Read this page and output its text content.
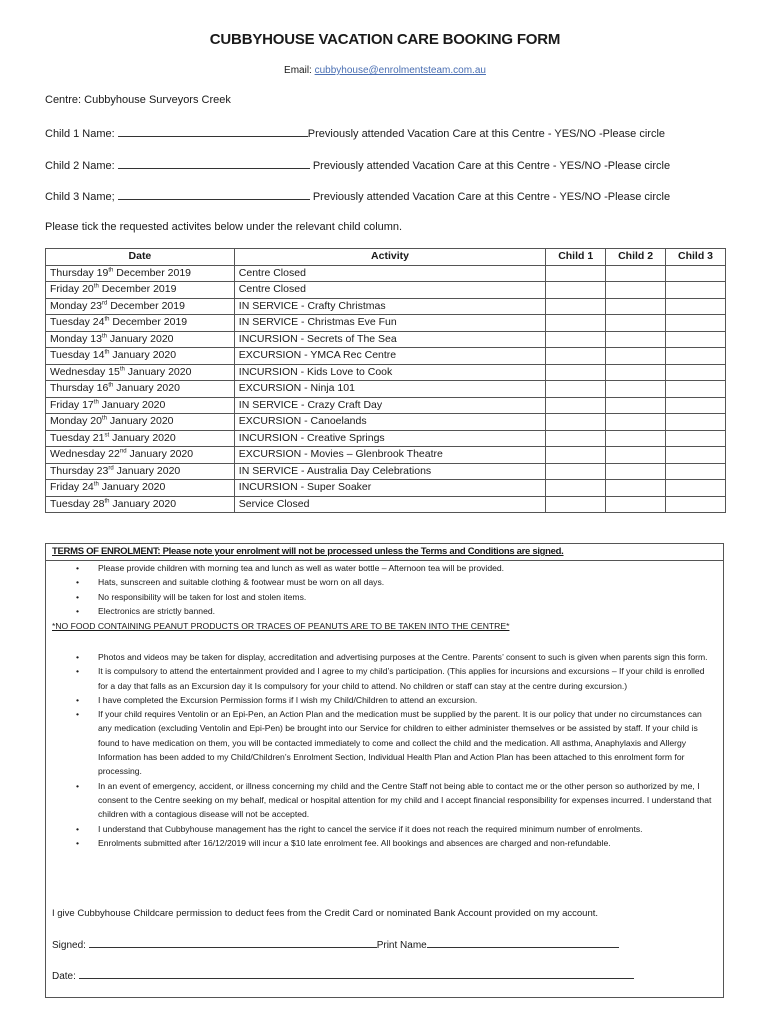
CUBBYHOUSE VACATION CARE BOOKING FORM
Email: cubbyhouse@enrolmentsteam.com.au
Centre: Cubbyhouse Surveyors Creek
Child 1 Name:	Previously attended Vacation Care at this Centre - YES/NO -Please circle
Child 2 Name:	Previously attended Vacation Care at this Centre - YES/NO -Please circle
Child 3 Name;	Previously attended Vacation Care at this Centre - YES/NO -Please circle
Please tick the requested activites below under the relevant child column.
Date	Activity	Child 1	Child 2	Child 3
Thursday 19th December 2019	Centre Closed			
Friday 20th December 2019	Centre Closed			
Monday 23rd December 2019	IN SERVICE - Crafty Christmas			
Tuesday 24th December 2019	IN SERVICE - Christmas Eve Fun			
Monday 13th January 2020	INCURSION - Secrets of The Sea			
Tuesday 14th January 2020	EXCURSION - YMCA Rec Centre			
Wednesday 15th January 2020	INCURSION - Kids Love to Cook			
Thursday 16th January 2020	EXCURSION - Ninja 101			
Friday 17th January 2020	IN SERVICE - Crazy Craft Day			
Monday 20th January 2020	EXCURSION - Canoelands			
Tuesday 21st January 2020	INCURSION - Creative Springs			
Wednesday 22nd January 2020	EXCURSION - Movies – Glenbrook Theatre			
Thursday 23rd January 2020	IN SERVICE - Australia Day Celebrations			
Friday 24th January 2020	INCURSION - Super Soaker			
Tuesday 28th January 2020	Service Closed			
TERMS OF ENROLMENT: Please note your enrolment will not be processed unless the Terms and Conditions are signed.
• Please provide children with morning tea and lunch as well as water bottle – Afternoon tea will be provided.
• Hats, sunscreen and suitable clothing & footwear must be worn on all days.
• No responsibility will be taken for lost and stolen items.
• Electronics are strictly banned.
*NO FOOD CONTAINING PEANUT PRODUCTS OR TRACES OF PEANUTS ARE TO BE TAKEN INTO THE CENTRE*
• Photos and videos may be taken for display, accreditation and advertising purposes at the Centre. Parents’ consent to such is given when parents sign this form.
• It is compulsory to attend the entertainment provided and I agree to my child’s participation. (This applies for incursions and excursions – If your child is enrolled for a day that falls as an Excursion day it Is compulsory for your child to attend. No children or staff can stay at the centre during excursion.)
• I have completed the Excursion Permission forms if I wish my Child/Children to attend an excursion.
• If your child requires Ventolin or an Epi-Pen, an Action Plan and the medication must be supplied by the parent. It is our policy that under no circumstances can any medication (excluding Ventolin and Epi-Pen) be brought into our Service for children to either administer themselves or be assisted by staff. If your child is found to have medication on them, you will be contacted immediately to come and collect the child and the medication. All asthma, Anaphylaxis and Allergy Information has been added to my Child/Children’s Enrolment Section, Individual Health Plan and Action Plan has been attached to this enrolment form for processing.
• In an event of emergency, accident, or illness concerning my child and the Centre Staff not being able to contact me or the other person so authorized by me, I consent to the Centre seeking on my behalf, medical or hospital attention for my child and I accept financial responsibility for expenses incurred. I understand that children with a contagious disease will not be accepted.
• I understand that Cubbyhouse management has the right to cancel the service if it does not reach the required minimum number of enrolments.
• Enrolments submitted after 16/12/2019 will incur a $10 late enrolment fee. All bookings and absences are charged and non-refundable.
I give Cubbyhouse Childcare permission to deduct fees from the Credit Card or nominated Bank Account provided on my account.
Signed:	Print Name
Date:
